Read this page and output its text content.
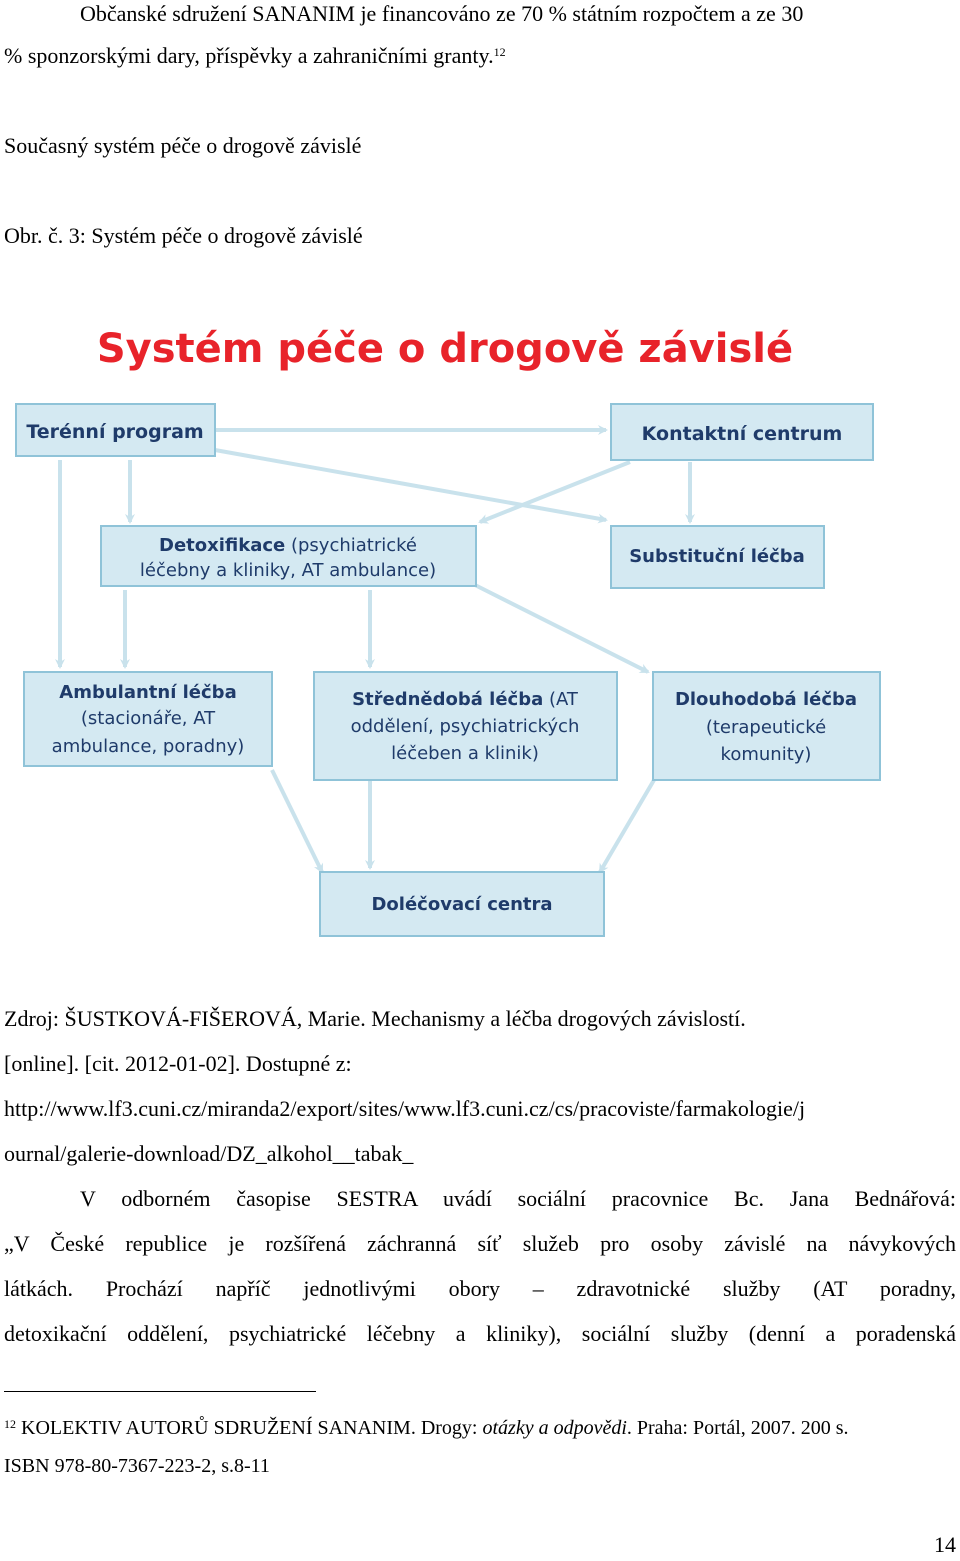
Občanské sdružení SANANIM je financováno ze 70 % státním rozpočtem a ze 30
% sponzorskými dary, příspěvky a zahraničními granty.$^{12}$
Současný systém péče o drogově závislé
Obr. č. 3: Systém péče o drogově závislé
Systém péče o drogově závislé
Terénní program	Kontaktní centrum
Detoxifikace (psychiatrické
léčebny a kliniky, AT ambulance)
Substituční léčba
Ambulantní léčba
(stacionáře, AT
ambulance, poradny)
Střednědobá léčba (AT
oddělení, psychiatrických
léčeben a klinik)
Dlouhodobá léčba
(terapeutické
komunity)
Doléčovací centra
Zdroj: ŠUSTKOVÁ-FIŠEROVÁ, Marie. Mechanismy a léčba drogových závislostí.
[online]. [cit. 2012-01-02]. Dostupné z:
http://www.lf3.cuni.cz/miranda2/export/sites/www.lf3.cuni.cz/cs/pracoviste/farmakologie/j
ournal/galerie-download/DZ_alkohol__tabak_
V odborném časopise SESTRA uvádí sociální pracovnice Bc. Jana Bednářová:
„V České republice je rozšířená záchranná síť služeb pro osoby závislé na návykových
látkách. Prochází napříč jednotlivými obory – zdravotnické služby (AT poradny,
detoxikační oddělení, psychiatrické léčebny a kliniky), sociální služby (denní a poradenská
$^{12}$ KOLEKTIV AUTORŮ SDRUŽENÍ SANANIM. Drogy: otázky a odpovědi. Praha: Portál, 2007. 200 s.
ISBN 978-80-7367-223-2, s.8-11
14
